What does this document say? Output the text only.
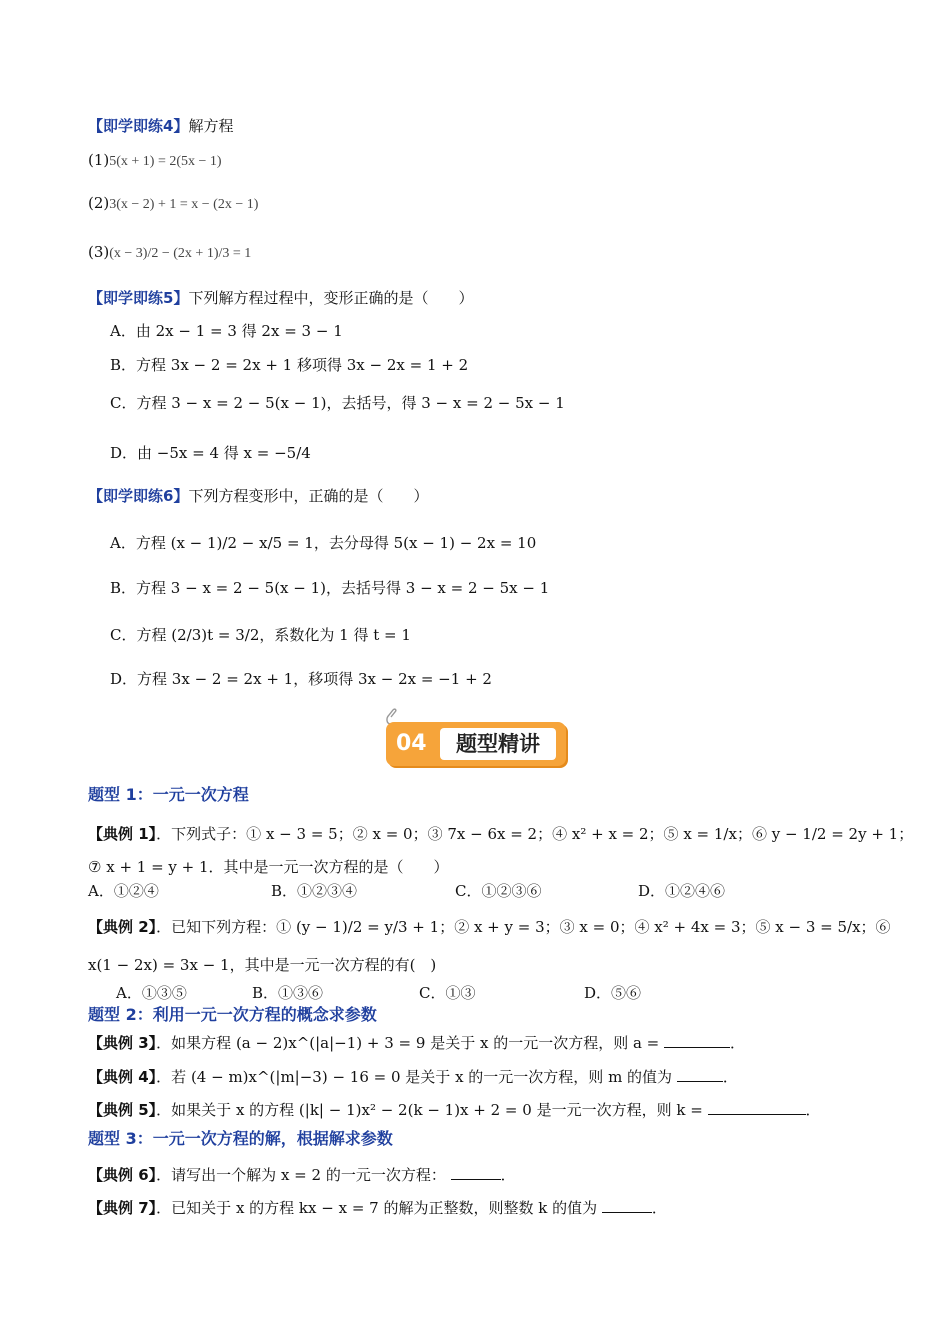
【即学即练4】解方程
(1)5(x + 1) = 2(5x − 1)
(2)3(x − 2) + 1 = x − (2x − 1)
(3)(x − 3)/2 − (2x + 1)/3 = 1
【即学即练5】下列解方程过程中，变形正确的是（　　）
A．由 2x − 1 = 3 得 2x = 3 − 1
B．方程 3x − 2 = 2x + 1 移项得 3x − 2x = 1 + 2
C．方程 3 − x = 2 − 5(x − 1)，去括号，得 3 − x = 2 − 5x − 1
D．由 −5x = 4 得 x = −5/4
【即学即练6】下列方程变形中，正确的是（　　）
A．方程 (x − 1)/2 − x/5 = 1，去分母得 5(x − 1) − 2x = 10
B．方程 3 − x = 2 − 5(x − 1)，去括号得 3 − x = 2 − 5x − 1
C．方程 (2/3)t = 3/2，系数化为 1 得 t = 1
D．方程 3x − 2 = 2x + 1，移项得 3x − 2x = −1 + 2
04	题型精讲
题型 1：一元一次方程
【典例 1】．下列式子：① x − 3 = 5；② x = 0；③ 7x − 6x = 2；④ x² + x = 2；⑤ x = 1/x；⑥ y − 1/2 = 2y + 1；
⑦ x + 1 = y + 1．其中是一元一次方程的是（　　）
A．①②④	B．①②③④	C．①②③⑥	D．①②④⑥
【典例 2】．已知下列方程：① (y − 1)/2 = y/3 + 1；② x + y = 3；③ x = 0；④ x² + 4x = 3；⑤ x − 3 = 5/x；⑥
x(1 − 2x) = 3x − 1，其中是一元一次方程的有(　)
A．①③⑤	B．①③⑥	C．①③	D．⑤⑥
题型 2：利用一元一次方程的概念求参数
【典例 3】．如果方程 (a − 2)x^(|a|−1) + 3 = 9 是关于 x 的一元一次方程，则 a =	．
【典例 4】．若 (4 − m)x^(|m|−3) − 16 = 0 是关于 x 的一元一次方程，则 m 的值为	．
【典例 5】．如果关于 x 的方程 (|k| − 1)x² − 2(k − 1)x + 2 = 0 是一元一次方程，则 k =	．
题型 3：一元一次方程的解，根据解求参数
【典例 6】．请写出一个解为 x = 2 的一元一次方程：	．
【典例 7】．已知关于 x 的方程 kx − x = 7 的解为正整数，则整数 k 的值为	．
